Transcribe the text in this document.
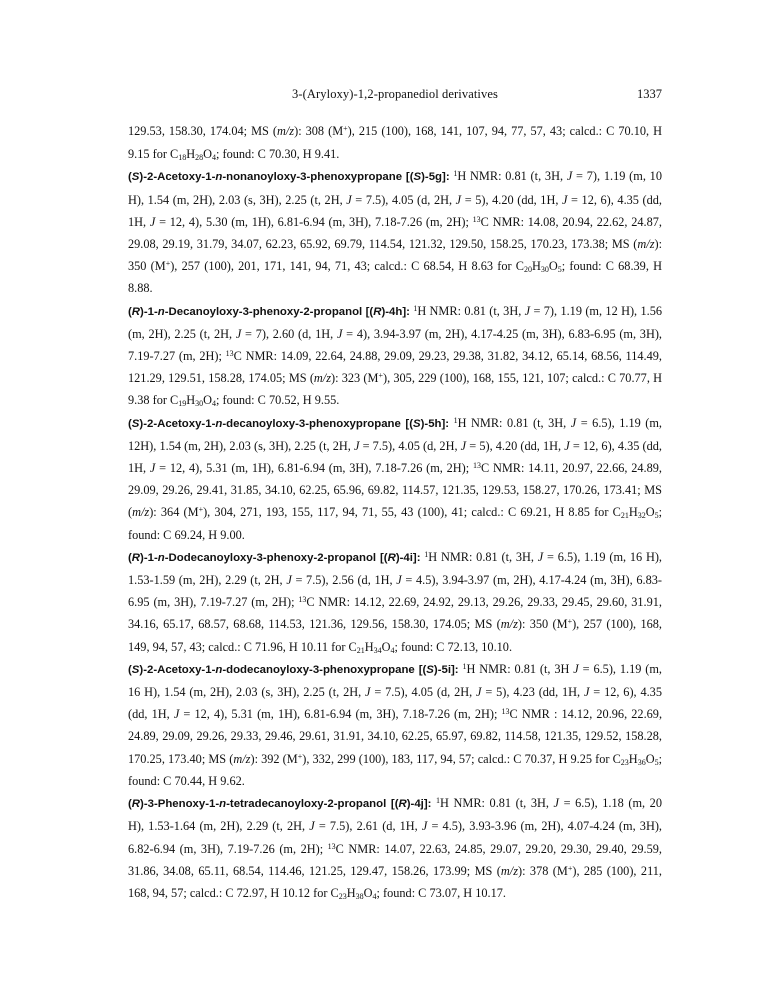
3-(Aryloxy)-1,2-propanediol derivatives	1337

129.53, 158.30, 174.04; MS (m/z): 308 (M+), 215 (100), 168, 141, 107, 94, 77, 57, 43; calcd.: C 70.10, H 9.15 for $C_{18}H_{28}O_4$; found: C 70.30, H 9.41.

(S)-2-Acetoxy-1-n-nonanoyloxy-3-phenoxypropane [(S)-5g]: $^1$H NMR: 0.81 (t, 3H, J = 7), 1.19 (m, 10 H), 1.54 (m, 2H), 2.03 (s, 3H), 2.25 (t, 2H, J = 7.5), 4.05 (d, 2H, J = 5), 4.20 (dd, 1H, J = 12, 6), 4.35 (dd, 1H, J = 12, 4), 5.30 (m, 1H), 6.81-6.94 (m, 3H), 7.18-7.26 (m, 2H); $^{13}$C NMR: 14.08, 20.94, 22.62, 24.87, 29.08, 29.19, 31.79, 34.07, 62.23, 65.92, 69.79, 114.54, 121.32, 129.50, 158.25, 170.23, 173.38; MS (m/z): 350 (M+), 257 (100), 201, 171, 141, 94, 71, 43; calcd.: C 68.54, H 8.63 for $C_{20}H_{30}O_5$; found: C 68.39, H 8.88.

(R)-1-n-Decanoyloxy-3-phenoxy-2-propanol [(R)-4h]: $^1$H NMR: 0.81 (t, 3H, J = 7), 1.19 (m, 12 H), 1.56 (m, 2H), 2.25 (t, 2H, J = 7), 2.60 (d, 1H, J = 4), 3.94-3.97 (m, 2H), 4.17-4.25 (m, 3H), 6.83-6.95 (m, 3H), 7.19-7.27 (m, 2H); $^{13}$C NMR: 14.09, 22.64, 24.88, 29.09, 29.23, 29.38, 31.82, 34.12, 65.14, 68.56, 114.49, 121.29, 129.51, 158.28, 174.05; MS (m/z): 323 (M+), 305, 229 (100), 168, 155, 121, 107; calcd.: C 70.77, H 9.38 for $C_{19}H_{30}O_4$; found: C 70.52, H 9.55.

(S)-2-Acetoxy-1-n-decanoyloxy-3-phenoxypropane [(S)-5h]: $^1$H NMR: 0.81 (t, 3H, J = 6.5), 1.19 (m, 12H), 1.54 (m, 2H), 2.03 (s, 3H), 2.25 (t, 2H, J = 7.5), 4.05 (d, 2H, J = 5), 4.20 (dd, 1H, J = 12, 6), 4.35 (dd, 1H, J = 12, 4), 5.31 (m, 1H), 6.81-6.94 (m, 3H), 7.18-7.26 (m, 2H); $^{13}$C NMR: 14.11, 20.97, 22.66, 24.89, 29.09, 29.26, 29.41, 31.85, 34.10, 62.25, 65.96, 69.82, 114.57, 121.35, 129.53, 158.27, 170.26, 173.41; MS (m/z): 364 (M+), 304, 271, 193, 155, 117, 94, 71, 55, 43 (100), 41; calcd.: C 69.21, H 8.85 for $C_{21}H_{32}O_5$; found: C 69.24, H 9.00.

(R)-1-n-Dodecanoyloxy-3-phenoxy-2-propanol [(R)-4i]: $^1$H NMR: 0.81 (t, 3H, J = 6.5), 1.19 (m, 16 H), 1.53-1.59 (m, 2H), 2.29 (t, 2H, J = 7.5), 2.56 (d, 1H, J = 4.5), 3.94-3.97 (m, 2H), 4.17-4.24 (m, 3H), 6.83-6.95 (m, 3H), 7.19-7.27 (m, 2H); $^{13}$C NMR: 14.12, 22.69, 24.92, 29.13, 29.26, 29.33, 29.45, 29.60, 31.91, 34.16, 65.17, 68.57, 68.68, 114.53, 121.36, 129.56, 158.30, 174.05; MS (m/z): 350 (M+), 257 (100), 168, 149, 94, 57, 43; calcd.: C 71.96, H 10.11 for $C_{21}H_{34}O_4$; found: C 72.13, 10.10.

(S)-2-Acetoxy-1-n-dodecanoyloxy-3-phenoxypropane [(S)-5i]: $^1$H NMR: 0.81 (t, 3H J = 6.5), 1.19 (m, 16 H), 1.54 (m, 2H), 2.03 (s, 3H), 2.25 (t, 2H, J = 7.5), 4.05 (d, 2H, J = 5), 4.23 (dd, 1H, J = 12, 6), 4.35 (dd, 1H, J = 12, 4), 5.31 (m, 1H), 6.81-6.94 (m, 3H), 7.18-7.26 (m, 2H); $^{13}$C NMR : 14.12, 20.96, 22.69, 24.89, 29.09, 29.26, 29.33, 29.46, 29.61, 31.91, 34.10, 62.25, 65.97, 69.82, 114.58, 121.35, 129.52, 158.28, 170.25, 173.40; MS (m/z): 392 (M+), 332, 299 (100), 183, 117, 94, 57; calcd.: C 70.37, H 9.25 for $C_{23}H_{36}O_5$; found: C 70.44, H 9.62.

(R)-3-Phenoxy-1-n-tetradecanoyloxy-2-propanol [(R)-4j]: $^1$H NMR: 0.81 (t, 3H, J = 6.5), 1.18 (m, 20 H), 1.53-1.64 (m, 2H), 2.29 (t, 2H, J = 7.5), 2.61 (d, 1H, J = 4.5), 3.93-3.96 (m, 2H), 4.07-4.24 (m, 3H), 6.82-6.94 (m, 3H), 7.19-7.26 (m, 2H); $^{13}$C NMR: 14.07, 22.63, 24.85, 29.07, 29.20, 29.30, 29.40, 29.59, 31.86, 34.08, 65.11, 68.54, 114.46, 121.25, 129.47, 158.26, 173.99; MS (m/z): 378 (M+), 285 (100), 211, 168, 94, 57; calcd.: C 72.97, H 10.12 for $C_{23}H_{38}O_4$; found: C 73.07, H 10.17.
